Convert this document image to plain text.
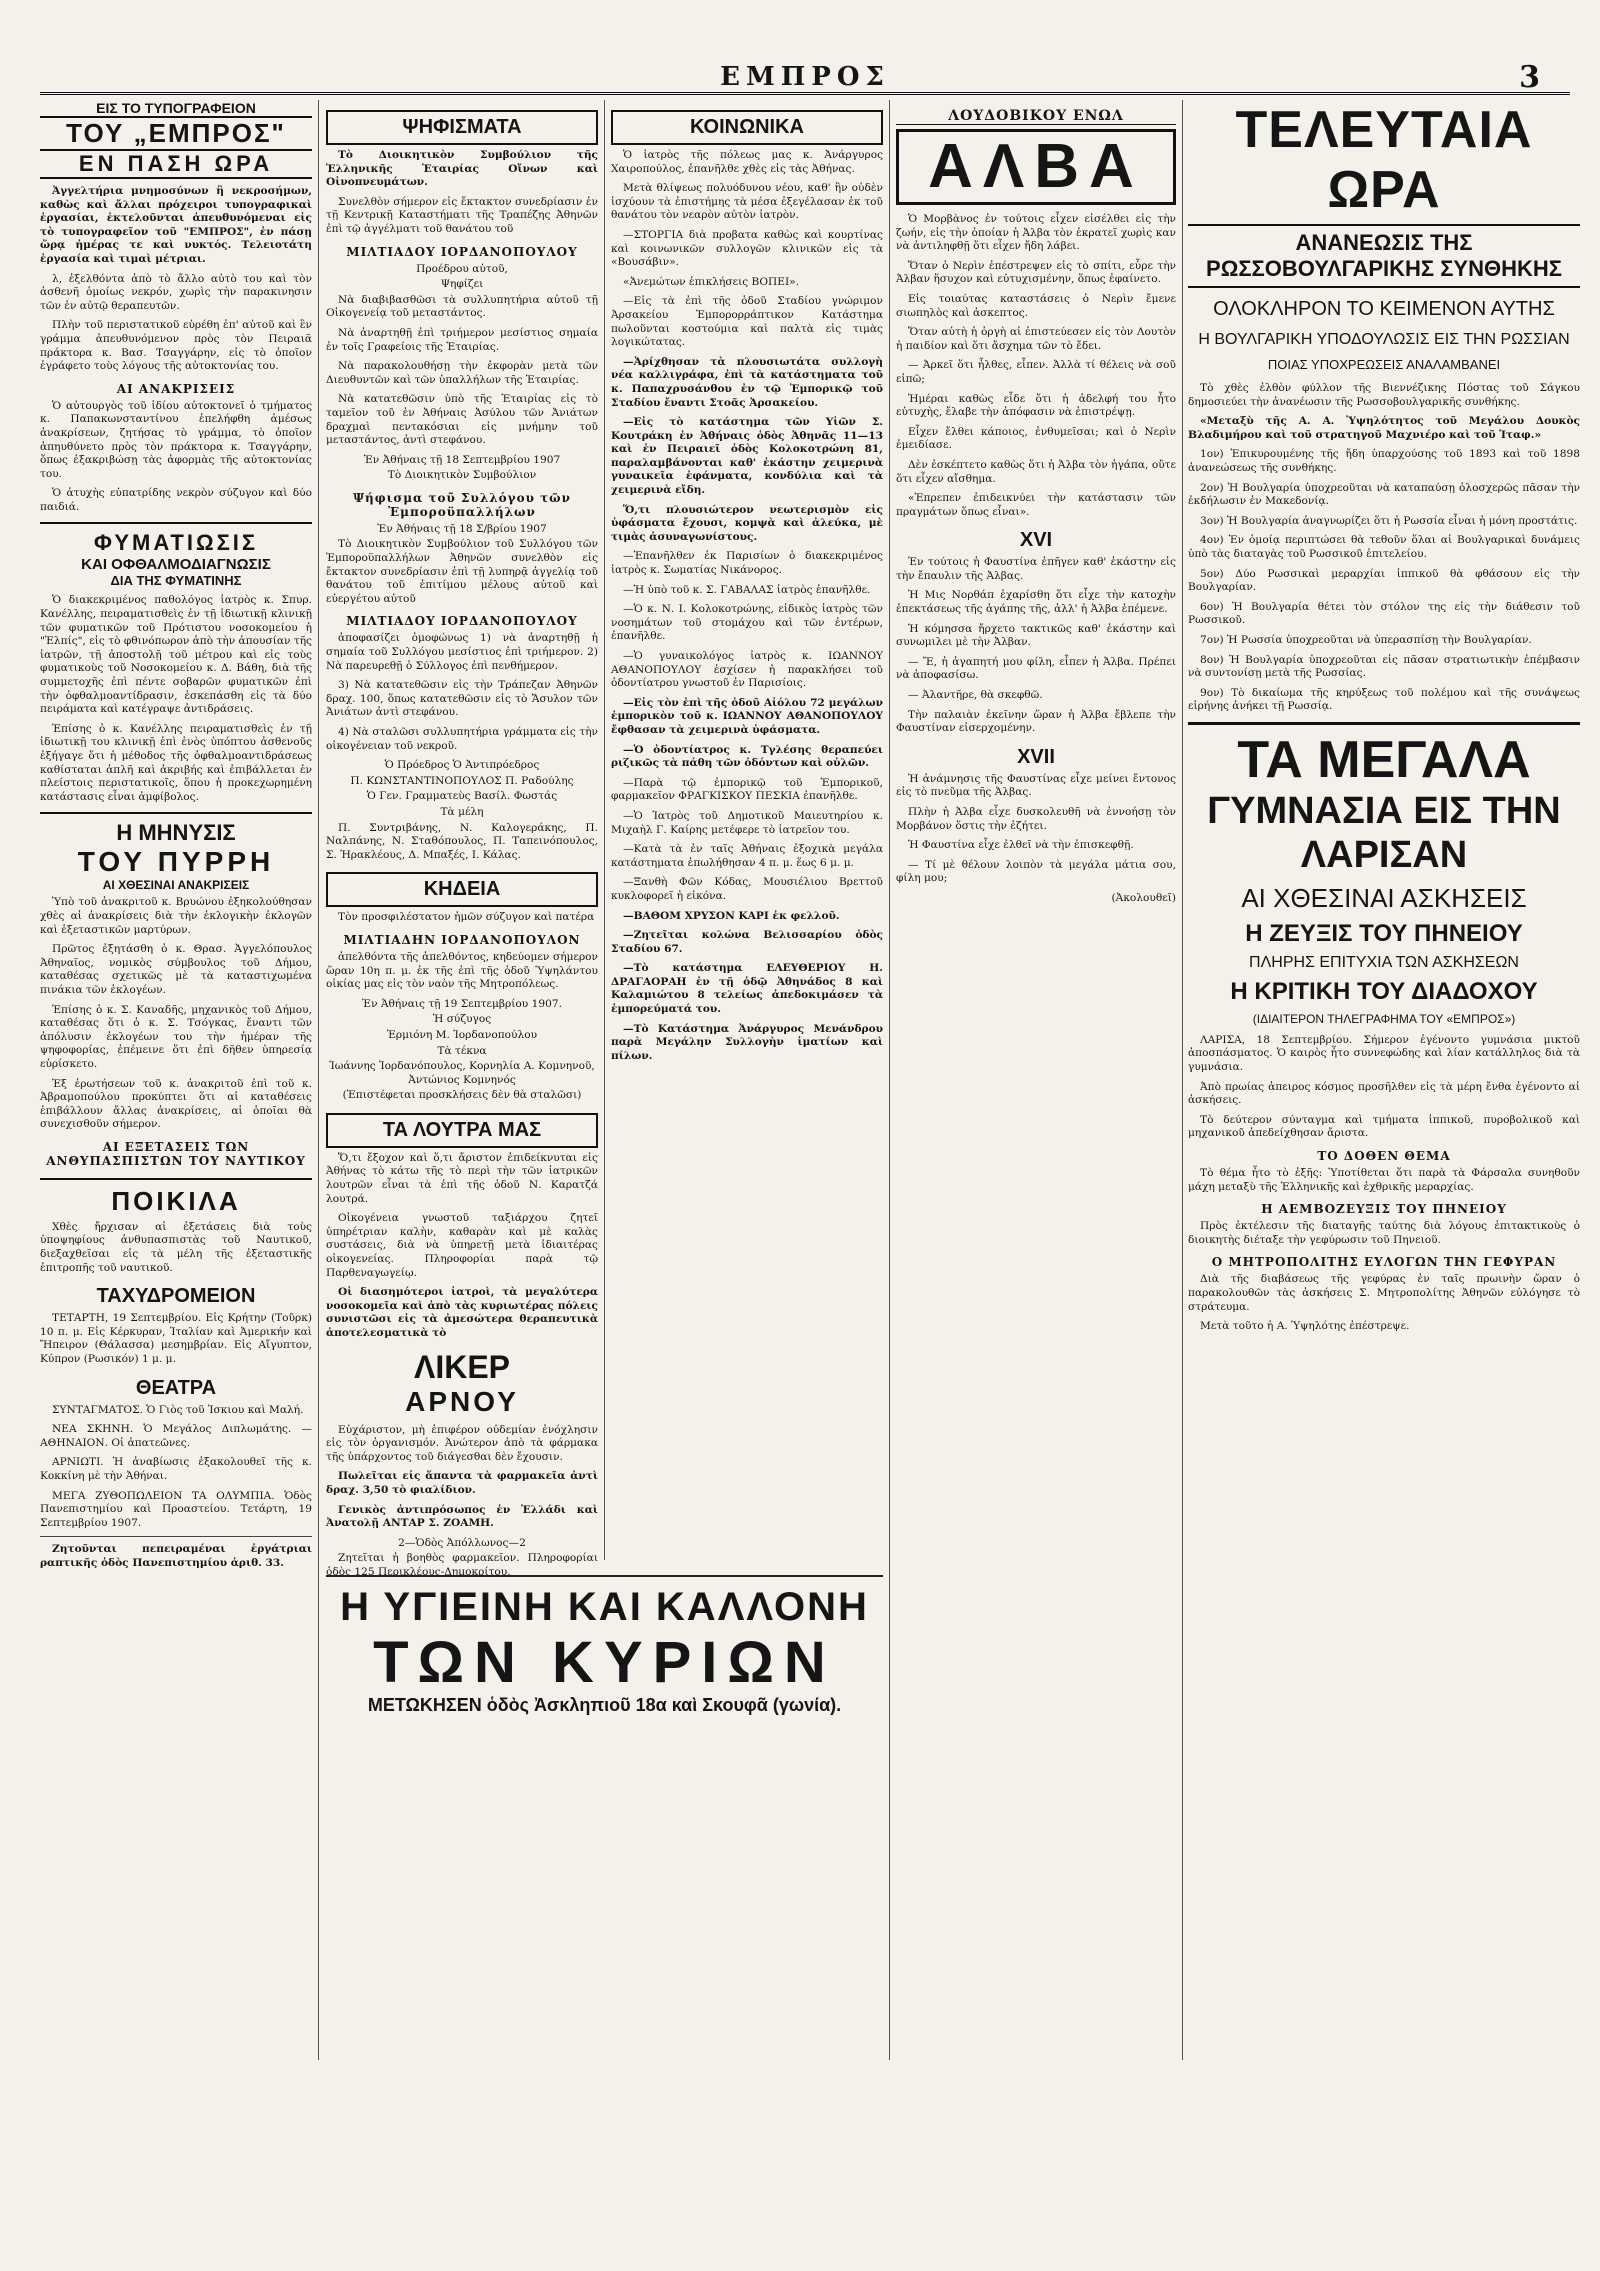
ΕΜΠΡΟΣ	3
ΕΙΣ ΤΟ ΤΥΠΟΓΡΑΦΕΙΟΝ
ΤΟΥ „ΕΜΠΡΟΣ"
ΕΝ ΠΑΣΗ ΩΡΑ

Ἀγγελτήρια μνημοσύνων ἢ νεκροσήμων, καθὼς καὶ ἄλλαι πρόχειροι τυπογραφικαὶ ἐργασίαι, ἐκτελοῦνται ἀπευθυνόμεναι εἰς τὸ τυπογραφεῖον τοῦ "ΕΜΠΡΟΣ", ἐν πάσῃ ὥρᾳ ἡμέρας τε καὶ νυκτός. Τελειοτάτη ἐργασία καὶ τιμαὶ μέτριαι.

λ, ἐξελθόντα ἀπὸ τὸ ἄλλο αὐτὸ του καὶ τὸν ἀσθενῆ ὁμοίως νεκρόν, χωρὶς τὴν παρακινησιν τῶν ἐν αὐτῷ θεραπευτῶν.

Πλὴν τοῦ περιστατικοῦ εὑρέθη ἐπ' αὐτοῦ καὶ ἓν γράμμα ἀπευθυνόμενον πρὸς τὸν Πειραιᾶ πράκτορα κ. Βασ. Τσαγγάρην, εἰς τὸ ὁποῖον ἐγράφετο τοὺς λόγους τῆς αὐτοκτονίας του.

ΑΙ ΑΝΑΚΡΙΣΕΙΣ

Ὁ αὐτουργὸς τοῦ ἰδίου αὐτοκτονεῖ ὁ τμήματος κ. Παπακωνσταντίνου ἐπελήφθη ἀμέσως ἀνακρίσεων, ζητήσας τὸ γράμμα, τὸ ὁποῖον ἀπηυθύνετο πρὸς τὸν πράκτορα κ. Τσαγγάρην, ὅπως ἐξακριβώσῃ τὰς ἀφορμὰς τῆς αὐτοκτονίας του.

Ὁ ἀτυχὴς εὐπατρίδης νεκρὸν σύζυγον καὶ δύο παιδιά.

ΦΥΜΑΤΙΩΣΙΣ
ΚΑΙ ΟΦΘΑΛΜΟΔΙΑΓΝΩΣΙΣ
ΔΙΑ ΤΗΣ ΦΥΜΑΤΙΝΗΣ

Ὁ διακεκριμένος παθολόγος ἰατρὸς κ. Σπυρ. Κανέλλης, πειραματισθεὶς ἐν τῇ ἰδιωτικῇ κλινικῇ τῶν φυματικῶν τοῦ Πρότιστου νοσοκομείου ἡ "Ἐλπίς", εἰς τὸ φθινόπωρον ἀπὸ τὴν ἀπουσίαν τῆς ἰατρῶν, τῇ ἀποστολῇ τοῦ μέτρου καὶ εἰς τοὺς φυματικοὺς τοῦ Νοσοκομείου κ. Δ. Βάθη, διὰ τῆς συμμετοχῆς ἐπὶ πέντε σοβαρῶν φυματικῶν ἐπὶ τὴν ὀφθαλμοαντίδρασιν, ἐσκεπάσθη εἰς τὰ δύο πειράματα καὶ κατέγραψε ἀντιδράσεις.

Ἐπίσης ὁ κ. Κανέλλης πειραματισθεὶς ἐν τῇ ἰδιωτικῇ του κλινικῇ ἐπὶ ἑνὸς ὑπόπτου ἀσθενοῦς ἐξήγαγε ὅτι ἡ μέθοδος τῆς ὀφθαλμοαντιδράσεως καθίσταται ἀπλῆ καὶ ἀκριβής καὶ ἐπιβάλλεται ἐν πλείστοις περιστατικοῖς, ὅπου ἡ προκεχωρημένη κατάστασις εἶναι ἀμφίβολος.

Η ΜΗΝΥΣΙΣ
ΤΟΥ ΠΥΡΡΗ
ΑΙ ΧΘΕΣΙΝΑΙ ΑΝΑΚΡΙΣΕΙΣ

Ὑπὸ τοῦ ἀνακριτοῦ κ. Βρυώνου ἐξηκολούθησαν χθὲς αἱ ἀνακρίσεις διὰ τὴν ἐκλογικὴν ἐκλογῶν καὶ ἐξεταστικῶν μαρτύρων.

Πρῶτος ἐξητάσθη ὁ κ. Θρασ. Ἀγγελόπουλος Ἀθηναῖος, νομικὸς σύμβουλος τοῦ Δήμου, καταθέσας σχετικῶς μὲ τὰ καταστιχωμένα πινάκια τῶν ἐκλογέων.

Ἐπίσης ὁ κ. Σ. Καναδῆς, μηχανικὸς τοῦ Δήμου, καταθέσας ὅτι ὁ κ. Σ. Τσόγκας, ἔναντι τῶν ἀπόλυσιν ἐκλογέων του τὴν ἡμέραν τῆς ψηφοφορίας, ἐπέμεινε ὅτι ἐπὶ δῆθεν ὑπηρεσίᾳ εὑρίσκετο.

Ἐξ ἐρωτήσεων τοῦ κ. ἀνακριτοῦ ἐπὶ τοῦ κ. Ἀβραμοπούλου προκύπτει ὅτι αἱ καταθέσεις ἐπιβάλλουν ἄλλας ἀνακρίσεις, αἱ ὁποῖαι θὰ συνεχισθοῦν σήμερον.

ΑΙ ΕΞΕΤΑΣΕΙΣ ΤΩΝ ΑΝΘΥΠΑΣΠΙΣΤΩΝ ΤΟΥ ΝΑΥΤΙΚΟΥ
ΠΟΙΚΙΛΑ

Χθὲς ἤρχισαν αἱ ἐξετάσεις διὰ τοὺς ὑποψηφίους ἀνθυπασπιστὰς τοῦ Ναυτικοῦ, διεξαχθεῖσαι εἰς τὰ μέλη τῆς ἐξεταστικῆς ἐπιτροπῆς τοῦ ναυτικοῦ.

ΤΑΧΥΔΡΟΜΕΙΟΝ

ΤΕΤΑΡΤΗ, 19 Σεπτεμβρίου. Εἰς Κρήτην (Τοῦρκ) 10 π. μ. Εἰς Κέρκυραν, Ἰταλίαν καὶ Ἀμερικήν καὶ Ἤπειρον (Θάλασσα) μεσημβρίαν. Εἰς Αἴγυπτον, Κύπρον (Ρωσικόν) 1 μ. μ.

ΘΕΑΤΡΑ

ΣΥΝΤΑΓΜΑΤΟΣ. Ὁ Γιὸς τοῦ Ἰσκιου καὶ Μαλή.

ΝΕΑ ΣΚΗΝΗ. Ὁ Μεγάλος Διπλωμάτης. — ΑΘΗΝΑΙΟΝ. Οἱ ἀπατεῶνες.

ΑΡΝΙΩΤΙ. Ἡ ἀναβίωσις ἐξακολουθεῖ τῆς κ. Κοκκίνη μὲ τὴν Ἀθήναι.

ΜΕΓΑ ΖΥΘΟΠΩΛΕΙΟΝ ΤΑ ΟΛΥΜΠΙΑ. Ὁδὸς Πανεπιστημίου καὶ Προαστείου. Τετάρτη, 19 Σεπτεμβρίου 1907.

Ζητοῦνται πεπειραμέναι ἐργάτριαι ραπτικῆς ὁδὸς Πανεπιστημίου ἀριθ. 33.

ΨΗΦΙΣΜΑΤΑ

Τὸ Διοικητικὸν Συμβούλιον τῆς Ἑλληνικῆς Ἑταιρίας Οἴνων καὶ Οἰνοπνευμάτων.

Συνελθὸν σήμερον εἰς ἔκτακτον συνεδρίασιν ἐν τῇ Κεντρικῇ Καταστήματι τῆς Τραπέζης Ἀθηνῶν ἐπὶ τῷ ἀγγέλματι τοῦ θανάτου τοῦ

ΜΙΛΤΙΑΔΟΥ ΙΟΡΔΑΝΟΠΟΥΛΟΥ
Προέδρου αὐτοῦ,
Ψηφίζει

Νὰ διαβιβασθῶσι τὰ συλλυπητήρια αὐτοῦ τῇ Οἰκογενείᾳ τοῦ μεταστάντος.

Νὰ ἀναρτηθῇ ἐπὶ τριήμερον μεσίστιος σημαία ἐν τοῖς Γραφείοις τῆς Ἑταιρίας.

Νὰ παρακολουθήσῃ τὴν ἐκφορὰν μετὰ τῶν Διευθυντῶν καὶ τῶν ὑπαλλήλων τῆς Ἑταιρίας.

Νὰ κατατεθῶσιν ὑπὸ τῆς Ἑταιρίας εἰς τὸ ταμεῖον τοῦ ἐν Ἀθήναις Ἀσύλου τῶν Ἀνιάτων δραχμαὶ πεντακόσιαι εἰς μνήμην τοῦ μεταστάντος, ἀντὶ στεφάνου.

Ἐν Ἀθήναις τῇ 18 Σεπτεμβρίου 1907
Τὸ Διοικητικὸν Συμβούλιον
Ψήφισμα τοῦ Συλλόγου τῶν Ἐμποροϋπαλλήλων
Ἐν Ἀθήναις τῇ 18 Σ/βρίου 1907

Τὸ Διοικητικὸν Συμβούλιον τοῦ Συλλόγου τῶν Ἐμποροϋπαλλήλων Ἀθηνῶν συνελθὸν εἰς ἔκτακτον συνεδρίασιν ἐπὶ τῇ λυπηρᾷ ἀγγελίᾳ τοῦ θανάτου τοῦ ἐπιτίμου μέλους αὐτοῦ καὶ εὐεργέτου αὐτοῦ

ΜΙΛΤΙΑΔΟΥ ΙΟΡΔΑΝΟΠΟΥΛΟΥ

ἀποφασίζει ὁμοφώνως 1) νὰ ἀναρτηθῇ ἡ σημαία τοῦ Συλλόγου μεσίστιος ἐπὶ τριήμερον. 2) Νὰ παρευρεθῇ ὁ Σύλλογος ἐπὶ πενθήμερον.

3) Νὰ κατατεθῶσιν εἰς τὴν Τράπεζαν Ἀθηνῶν δραχ. 100, ὅπως κατατεθῶσιν εἰς τὸ Ἄσυλον τῶν Ἀνιάτων ἀντὶ στεφάνου.

4) Νὰ σταλῶσι συλλυπητήρια γράμματα εἰς τὴν οἰκογένειαν τοῦ νεκροῦ.

Ὁ Πρόεδρος Ὁ Ἀντιπρόεδρος
Π. ΚΩΝΣΤΑΝΤΙΝΟΠΟΥΛΟΣ Π. Ραδούλης
Ὁ Γεν. Γραμματεὺς Βασίλ. Φωστάς
Τὰ μέλη

Π. Συντριβάνης, Ν. Καλογεράκης, Π. Ναλπάνης, Ν. Σταθόπουλος, Π. Ταπεινόπουλος, Σ. Ἠρακλέους, Δ. Μπαξές, Ι. Κάλας.

ΚΗΔΕΙΑ

Τὸν προσφιλέστατον ἡμῶν σύζυγον καὶ πατέρα

ΜΙΛΤΙΑΔΗΝ ΙΟΡΔΑΝΟΠΟΥΛΟΝ

ἀπελθόντα τῆς ἀπελθόντος, κηδεύομεν σήμερον ὥραν 10η π. μ. ἐκ τῆς ἐπὶ τῆς ὁδοῦ Ὑψηλάντου οἰκίας μας εἰς τὸν ναὸν τῆς Μητροπόλεως.

Ἐν Ἀθήναις τῇ 19 Σεπτεμβρίου 1907.
Ἡ σύζυγος
Ἑρμιόνη Μ. Ἰορδανοπούλου
Τὰ τέκνα
Ἰωάννης Ἰορδανόπουλος, Κορνηλία Α. Κομνηνοῦ, Ἀντώνιος Κομνηνός
(Ἐπιστέφεται προσκλήσεις δὲν θὰ σταλῶσι)
ΤΑ ΛΟΥΤΡΑ ΜΑΣ

Ὅ,τι ἔξοχον καὶ ὅ,τι ἄριστον ἐπιδείκνυται εἰς Ἀθήνας τὸ κάτω τῆς τὸ περὶ τὴν τῶν ἰατρικῶν λουτρῶν εἶναι τὰ ἐπὶ τῆς ὁδοῦ Ν. Καρατζά λουτρά.

Οἰκογένεια γνωστοῦ ταξιάρχου ζητεῖ ὑπηρέτριαν καλὴν, καθαρὰν καὶ μὲ καλὰς συστάσεις, διὰ νὰ ὑπηρετῇ μετὰ ἰδιαιτέρας οἰκογενείας. Πληροφορίαι παρὰ τῷ Παρθεναγωγείῳ.

Οἱ διασημότεροι ἰατροὶ, τὰ μεγαλύτερα νοσοκομεῖα καὶ ἀπὸ τὰς κυριωτέρας πόλεις συνιστῶσι εἰς τὰ ἀμεσώτερα θεραπευτικὰ ἀποτελεσματικὰ τὸ

ΛΙΚΕΡ
ΑΡΝΟΥ

Εὐχάριστον, μὴ ἐπιφέρον οὐδεμίαν ἐνόχλησιν εἰς τὸν ὀργανισμόν. Ἀνώτερον ἀπὸ τὰ φάρμακα τῆς ὑπάρχοντος τοῦ διάγεσθαι δὲν ἔχουσιν.

Πωλεῖται εἰς ἅπαντα τὰ φαρμακεῖα ἀντὶ δραχ. 3,50 τὸ φιαλίδιον.

Γενικὸς ἀντιπρόσωπος ἐν Ἑλλάδι καὶ Ἀνατολῇ ΑΝΤΑΡ Σ. ΖΟΑΜΗ.

2—Ὁδὸς Ἀπόλλωνος—2

Ζητεῖται ἡ βοηθὸς φαρμακεῖον. Πληροφορίαι ὁδὸς 125 Περικλέους-Δημοκρίτου.

ΚΟΙΝΩΝΙΚΑ

Ὁ ἰατρὸς τῆς πόλεως μας κ. Ἀνάργυρος Χαιροπούλος, ἐπανῆλθε χθὲς εἰς τὰς Ἀθήνας.

Μετὰ θλίψεως πολυόδυνου νέου, καθ' ἣν οὐδὲν ἰσχύουν τὰ ἐπιστήμης τὰ μέσα ἐξεγέλασαν ἐκ τοῦ θανάτου τὸν νεαρὸν αὐτὸν ἰατρὸν.

—ΣΤΟΡΓΙΑ διὰ προβατα καθὼς καὶ κουρτίνας καὶ κοινωνικῶν συλλογῶν κλινικῶν εἰς τὰ «Βουσάβιν».

«Ἀνεμώτων ἐπικλήσεις ΒΟΠΕΙ».

—Εἰς τὰ ἐπὶ τῆς ὁδοῦ Σταδίου γνώριμον Ἀρσακείου Ἐμπορορράπτικον Κατάστημα πωλοῦνται κοστούμια καὶ παλτὰ εἰς τιμὰς λογικώτατας.

—Ἀρίχθησαν τὰ πλουσιωτάτα συλλογὴ νέα καλλιγράφα, ἐπὶ τὰ κατάστηματα τοῦ κ. Παπαχρυσάνθου ἐν τῷ Ἐμπορικῷ τοῦ Σταδίου ἔναντι Στοᾶς Ἀρσακείου.

—Εἰς τὸ κατάστημα τῶν Υἱῶν Σ. Κουτράκη ἐν Ἀθήναις ὁδὸς Ἀθηνᾶς 11—13 καὶ ἐν Πειραιεῖ ὁδὸς Κολοκοτρώνη 81, παραλαμβάνονται καθ' ἑκάστην χειμερινὰ γυναικεῖα ἐφάνματα, κονδύλια καὶ τὰ χειμερινὰ εἴδη.

Ὅ,τι πλουσιώτερον νεωτερισμὸν εἰς ὑφάσματα ἔχουσι, κομψὰ καὶ ἀλεύκα, μὲ τιμὰς ἀσυναγωνίστους.

—Ἐπανῆλθεν ἐκ Παρισίων ὁ διακεκριμένος ἰατρὸς κ. Σωματίας Νικάνορος.

—Ἡ ὑπὸ τοῦ κ. Σ. ΓΑΒΑΛΑΣ ἰατρὸς ἐπανῆλθε.

—Ὁ κ. Ν. Ι. Κολοκοτρώνης, εἰδικὸς ἰατρὸς τῶν νοσημάτων τοῦ στομάχου καὶ τῶν ἐντέρων, ἐπανῆλθε.

—Ὁ γυναικολόγος ἰατρὸς κ. ΙΩΑΝΝΟΥ ΑΘΑΝΟΠΟΥΛΟΥ ἐσχίσεν ἡ παρακλήσει τοῦ ὀδοντίατρου γνωστοῦ ἐν Παρισίοις.

—Εἰς τὸν ἐπὶ τῆς ὁδοῦ Αἰόλου 72 μεγάλων ἐμπορικὸν τοῦ κ. ΙΩΑΝΝΟΥ ΑΘΑΝΟΠΟΥΛΟΥ ἔφθασαν τὰ χειμερινὰ ὑφάσματα.

—Ὁ ὀδοντίατρος κ. Τγλέσης θεραπεύει ριζικῶς τὰ πάθη τῶν ὀδόντων καὶ οὐλῶν.

—Παρὰ τῷ ἐμπορικῷ τοῦ Ἐμπορικοῦ, φαρμακεῖον ΦΡΑΓΚΙΣΚΟΥ ΠΕΣΚΙΑ ἐπανῆλθε.

—Ὁ Ἰατρὸς τοῦ Δημοτικοῦ Μαιευτηρίου κ. Μιχαὴλ Γ. Καίρης μετέφερε τὸ ἰατρεῖον του.

—Κατὰ τὰ ἐν ταῖς Ἀθήναις ἐξοχικὰ μεγάλα κατάστηματα ἐπωλήθησαν 4 π. μ. ἕως 6 μ. μ.

—Ξανθὴ Φῶν Κόδας, Μουσιέλιου Βρεττοῦ κυκλοφορεῖ ἡ εἰκόνα.

—ΒΑΘΟΜ ΧΡΥΣΟΝ ΚΑΡΙ ἐκ φελλοῦ.

—Ζητεῖται κολώνα Βελισσαρίου ὁδὸς Σταδίου 67.

—Τὸ κατάστημα ΕΛΕΥΘΕΡΙΟΥ Η. ΔΡΑΓΑΟΡΑΗ ἐν τῇ ὁδῷ Ἀθηνάδος 8 καὶ Καλαμιώτου 8 τελείως ἀπεδοκιμάσεν τὰ ἐμπορεύματά του.

—Τὸ Κατάστημα Ἀνάργυρος Μενάνδρου παρὰ Μεγάλην Συλλογὴν ἱματίων καὶ πίλων.

Η ΥΓΙΕΙΝΗ ΚΑΙ ΚΑΛΛΟΝΗ
ΤΩΝ ΚΥΡΙΩΝ
ΜΕΤΩΚΗΣΕΝ ὁδὸς Ἀσκληπιοῦ 18α καὶ Σκουφᾶ (γωνία).
ΛΟΥΔΟΒΙΚΟΥ ΕΝΩΛ
ΑΛΒΑ

Ὁ Μορβὰνος ἐν τούτοις εἶχεν εἰσέλθει εἰς τὴν ζωήν, εἰς τὴν ὁποίαν ἡ Ἀλβα τὸν ἐκρατεῖ χωρὶς καν νὰ ἀντιληφθῇ ὅτι εἶχεν ἤδη λάβει.

Ὅταν ὁ Νερὶν ἐπέστρεψεν εἰς τὸ σπίτι, εὗρε τὴν Ἀλβαν ἥσυχον καὶ εὐτυχισμένην, ὅπως ἐφαίνετο.

Εἰς τοιαύτας καταστάσεις ὁ Νερὶν ἔμενε σιωπηλὸς καὶ ἀσκεπτος.

Ὅταν αὐτὴ ἡ ὀργὴ αἰ ἐπιστεύεσεν εἰς τὸν Λουτὸν ἡ παιδίον καὶ ὅτι ἄσχημα τῶν τὸ ἔδει.

— Ἀρκεῖ ὅτι ἦλθες, εἶπεν. Ἀλλὰ τί θέλεις νὰ σοῦ εἰπῶ;

Ἡμέραι καθὼς εἶδε ὅτι ἡ ἀδελφή του ἦτο εὐτυχὴς, ἔλαβε τὴν ἀπόφασιν νὰ ἐπιστρέψῃ.

Εἶχεν ἔλθει κάποιος, ἐνθυμεῖσαι; καὶ ὁ Νερὶν ἐμειδίασε.

Δὲν ἐσκέπτετο καθὼς ὅτι ἡ Ἀλβα τὸν ἠγάπα, οὔτε ὅτι εἶχεν αἴσθημα.

«Ἐπρεπεν ἐπιδεικνύει τὴν κατάστασιν τῶν πραγμάτων ὅπως εἶναι».

XVI

Ἐν τούτοις ἡ Φαυστίνα ἐπῆγεν καθ' ἑκάστην εἰς τὴν ἔπαυλιν τῆς Ἀλβας.

Ἡ Μις Νορθάπ ἐχαρίσθη ὅτι εἶχε τὴν κατοχὴν ἐπεκτάσεως τῆς ἀγάπης τῆς, ἀλλ' ἡ Ἀλβα ἐπέμενε.

Ἡ κόμησσα ἤρχετο τακτικῶς καθ' ἑκάστην καὶ συνωμιλει μὲ τὴν Ἀλβαν.

— Ἔ, ἡ ἀγαπητή μου φίλη, εἶπεν ἡ Ἀλβα. Πρέπει νὰ ἀποφασίσω.

— Ἀλαντῆρε, θὰ σκεφθῶ.

Τὴν παλαιὰν ἐκεῖνην ὥραν ἡ Ἀλβα ἔβλεπε τὴν Φαυστίναν εἰσερχομένην.

XVII

Ἡ ἀνάμνησις τῆς Φαυστίνας εἶχε μείνει ἔντονος εἰς τὸ πνεῦμα τῆς Ἀλβας.

Πλὴν ἡ Ἀλβα εἶχε δυσκολευθῆ νὰ ἐννοήσῃ τὸν Μορβάνον ὅστις τὴν ἐζήτει.

Ἡ Φαυστίνα εἶχε ἐλθεῖ νὰ τὴν ἐπισκεφθῇ.

— Τί μὲ θέλουν λοιπὸν τὰ μεγάλα μάτια σου, φίλη μου;

(Ἀκολουθεῖ)
ΤΕΛΕΥΤΑΙΑ ΩΡΑ
ΑΝΑΝΕΩΣΙΣ ΤΗΣ ΡΩΣΣΟΒΟΥΛΓΑΡΙΚΗΣ ΣΥΝΘΗΚΗΣ
ΟΛΟΚΛΗΡΟΝ ΤΟ ΚΕΙΜΕΝΟΝ ΑΥΤΗΣ
Η ΒΟΥΛΓΑΡΙΚΗ ΥΠΟΔΟΥΛΩΣΙΣ ΕΙΣ ΤΗΝ ΡΩΣΣΙΑΝ
ΠΟΙΑΣ ΥΠΟΧΡΕΩΣΕΙΣ ΑΝΑΛΑΜΒΑΝΕΙ

Τὸ χθὲς ἐλθὸν φύλλον τῆς Βιεννέζικης Πόστας τοῦ Σάγκου δημοσιεύει τὴν ἀνανέωσιν τῆς Ρωσσοβουλγαρικῆς συνθήκης.

«Μεταξὺ τῆς Α. Α. Ὑψηλότητος τοῦ Μεγάλου Δουκὸς Βλαδιμήρου καὶ τοῦ στρατηγοῦ Μαχνιέρο καὶ τοῦ Ἰταφ.»

1ον) Ἐπικυρουμένης τῆς ἤδη ὑπαρχούσης τοῦ 1893 καὶ τοῦ 1898 ἀνανεώσεως τῆς συνθήκης.

2ον) Ἡ Βουλγαρία ὑποχρεοῦται νὰ καταπαύσῃ ὁλοσχερῶς πᾶσαν τὴν ἐκδήλωσιν ἐν Μακεδονίᾳ.

3ον) Ἡ Βουλγαρία ἀναγνωρίζει ὅτι ἡ Ρωσσία εἶναι ἡ μόνη προστάτις.

4ον) Ἐν ὁμοίᾳ περιπτώσει θὰ τεθοῦν ὅλαι αἱ Βουλγαρικαὶ δυνάμεις ὑπὸ τὰς διαταγὰς τοῦ Ρωσσικοῦ ἐπιτελείου.

5ον) Δύο Ρωσσικαὶ μεραρχίαι ἱππικοῦ θὰ φθάσουν εἰς τὴν Βουλγαρίαν.

6ον) Ἡ Βουλγαρία θέτει τὸν στόλον της εἰς τὴν διάθεσιν τοῦ Ρωσσικοῦ.

7ον) Ἡ Ρωσσία ὑποχρεοῦται νὰ ὑπερασπίσῃ τὴν Βουλγαρίαν.

8ον) Ἡ Βουλγαρία ὑποχρεοῦται εἰς πᾶσαν στρατιωτικὴν ἐπέμβασιν νὰ συντονίσῃ μετὰ τῆς Ρωσσίας.

9ον) Τὸ δικαίωμα τῆς κηρύξεως τοῦ πολέμου καὶ τῆς συνάψεως εἰρήνης ἀνήκει τῇ Ρωσσίᾳ.

ΤΑ ΜΕΓΑΛΑ
ΓΥΜΝΑΣΙΑ ΕΙΣ ΤΗΝ ΛΑΡΙΣΑΝ
ΑΙ ΧΘΕΣΙΝΑΙ ΑΣΚΗΣΕΙΣ
Η ΖΕΥΞΙΣ ΤΟΥ ΠΗΝΕΙΟΥ
ΠΛΗΡΗΣ ΕΠΙΤΥΧΙΑ ΤΩΝ ΑΣΚΗΣΕΩΝ
Η ΚΡΙΤΙΚΗ ΤΟΥ ΔΙΑΔΟΧΟΥ
(ΙΔΙΑΙΤΕΡΟΝ ΤΗΛΕΓΡΑΦΗΜΑ ΤΟΥ «ΕΜΠΡΟΣ»)

ΛΑΡΙΣΑ, 18 Σεπτεμβρίου. Σήμερον ἐγένοντο γυμνάσια μικτοῦ ἀποσπάσματος. Ὁ καιρὸς ἦτο συννεφώδης καὶ λίαν κατάλληλος διὰ τὰ γυμνάσια.

Ἀπὸ πρωίας ἀπειρος κόσμος προσῆλθεν εἰς τὰ μέρη ἔνθα ἐγένοντο αἱ ἀσκήσεις.

Τὸ δεύτερον σύνταγμα καὶ τμήματα ἱππικοῦ, πυροβολικοῦ καὶ μηχανικοῦ ἀπεδείχθησαν ἄριστα.

ΤΟ ΔΟΘΕΝ ΘΕΜΑ

Τὸ θέμα ἦτο τὸ ἑξῆς: Ὑποτίθεται ὅτι παρὰ τὰ Φάρσαλα συνηθοῦν μάχη μεταξὺ τῆς Ἑλληνικῆς καὶ ἐχθρικῆς μεραρχίας.

Η ΑΕΜΒΟΖΕΥΞΙΣ ΤΟΥ ΠΗΝΕΙΟΥ

Πρὸς ἐκτέλεσιν τῆς διαταγῆς ταύτης διὰ λόγους ἐπιτακτικοὺς ὁ διοικητὴς διέταξε τὴν γεφύρωσιν τοῦ Πηνειοῦ.

Ο ΜΗΤΡΟΠΟΛΙΤΗΣ ΕΥΛΟΓΩΝ ΤΗΝ ΓΕΦΥΡΑΝ

Διὰ τῆς διαβάσεως τῆς γεφύρας ἐν ταῖς πρωινὴν ὥραν ὁ παρακολουθῶν τὰς ἀσκήσεις Σ. Μητροπολίτης Ἀθηνῶν εὐλόγησε τὸ στράτευμα.

Μετὰ τοῦτο ἡ Α. Ὑψηλότης ἐπέστρεψε.
